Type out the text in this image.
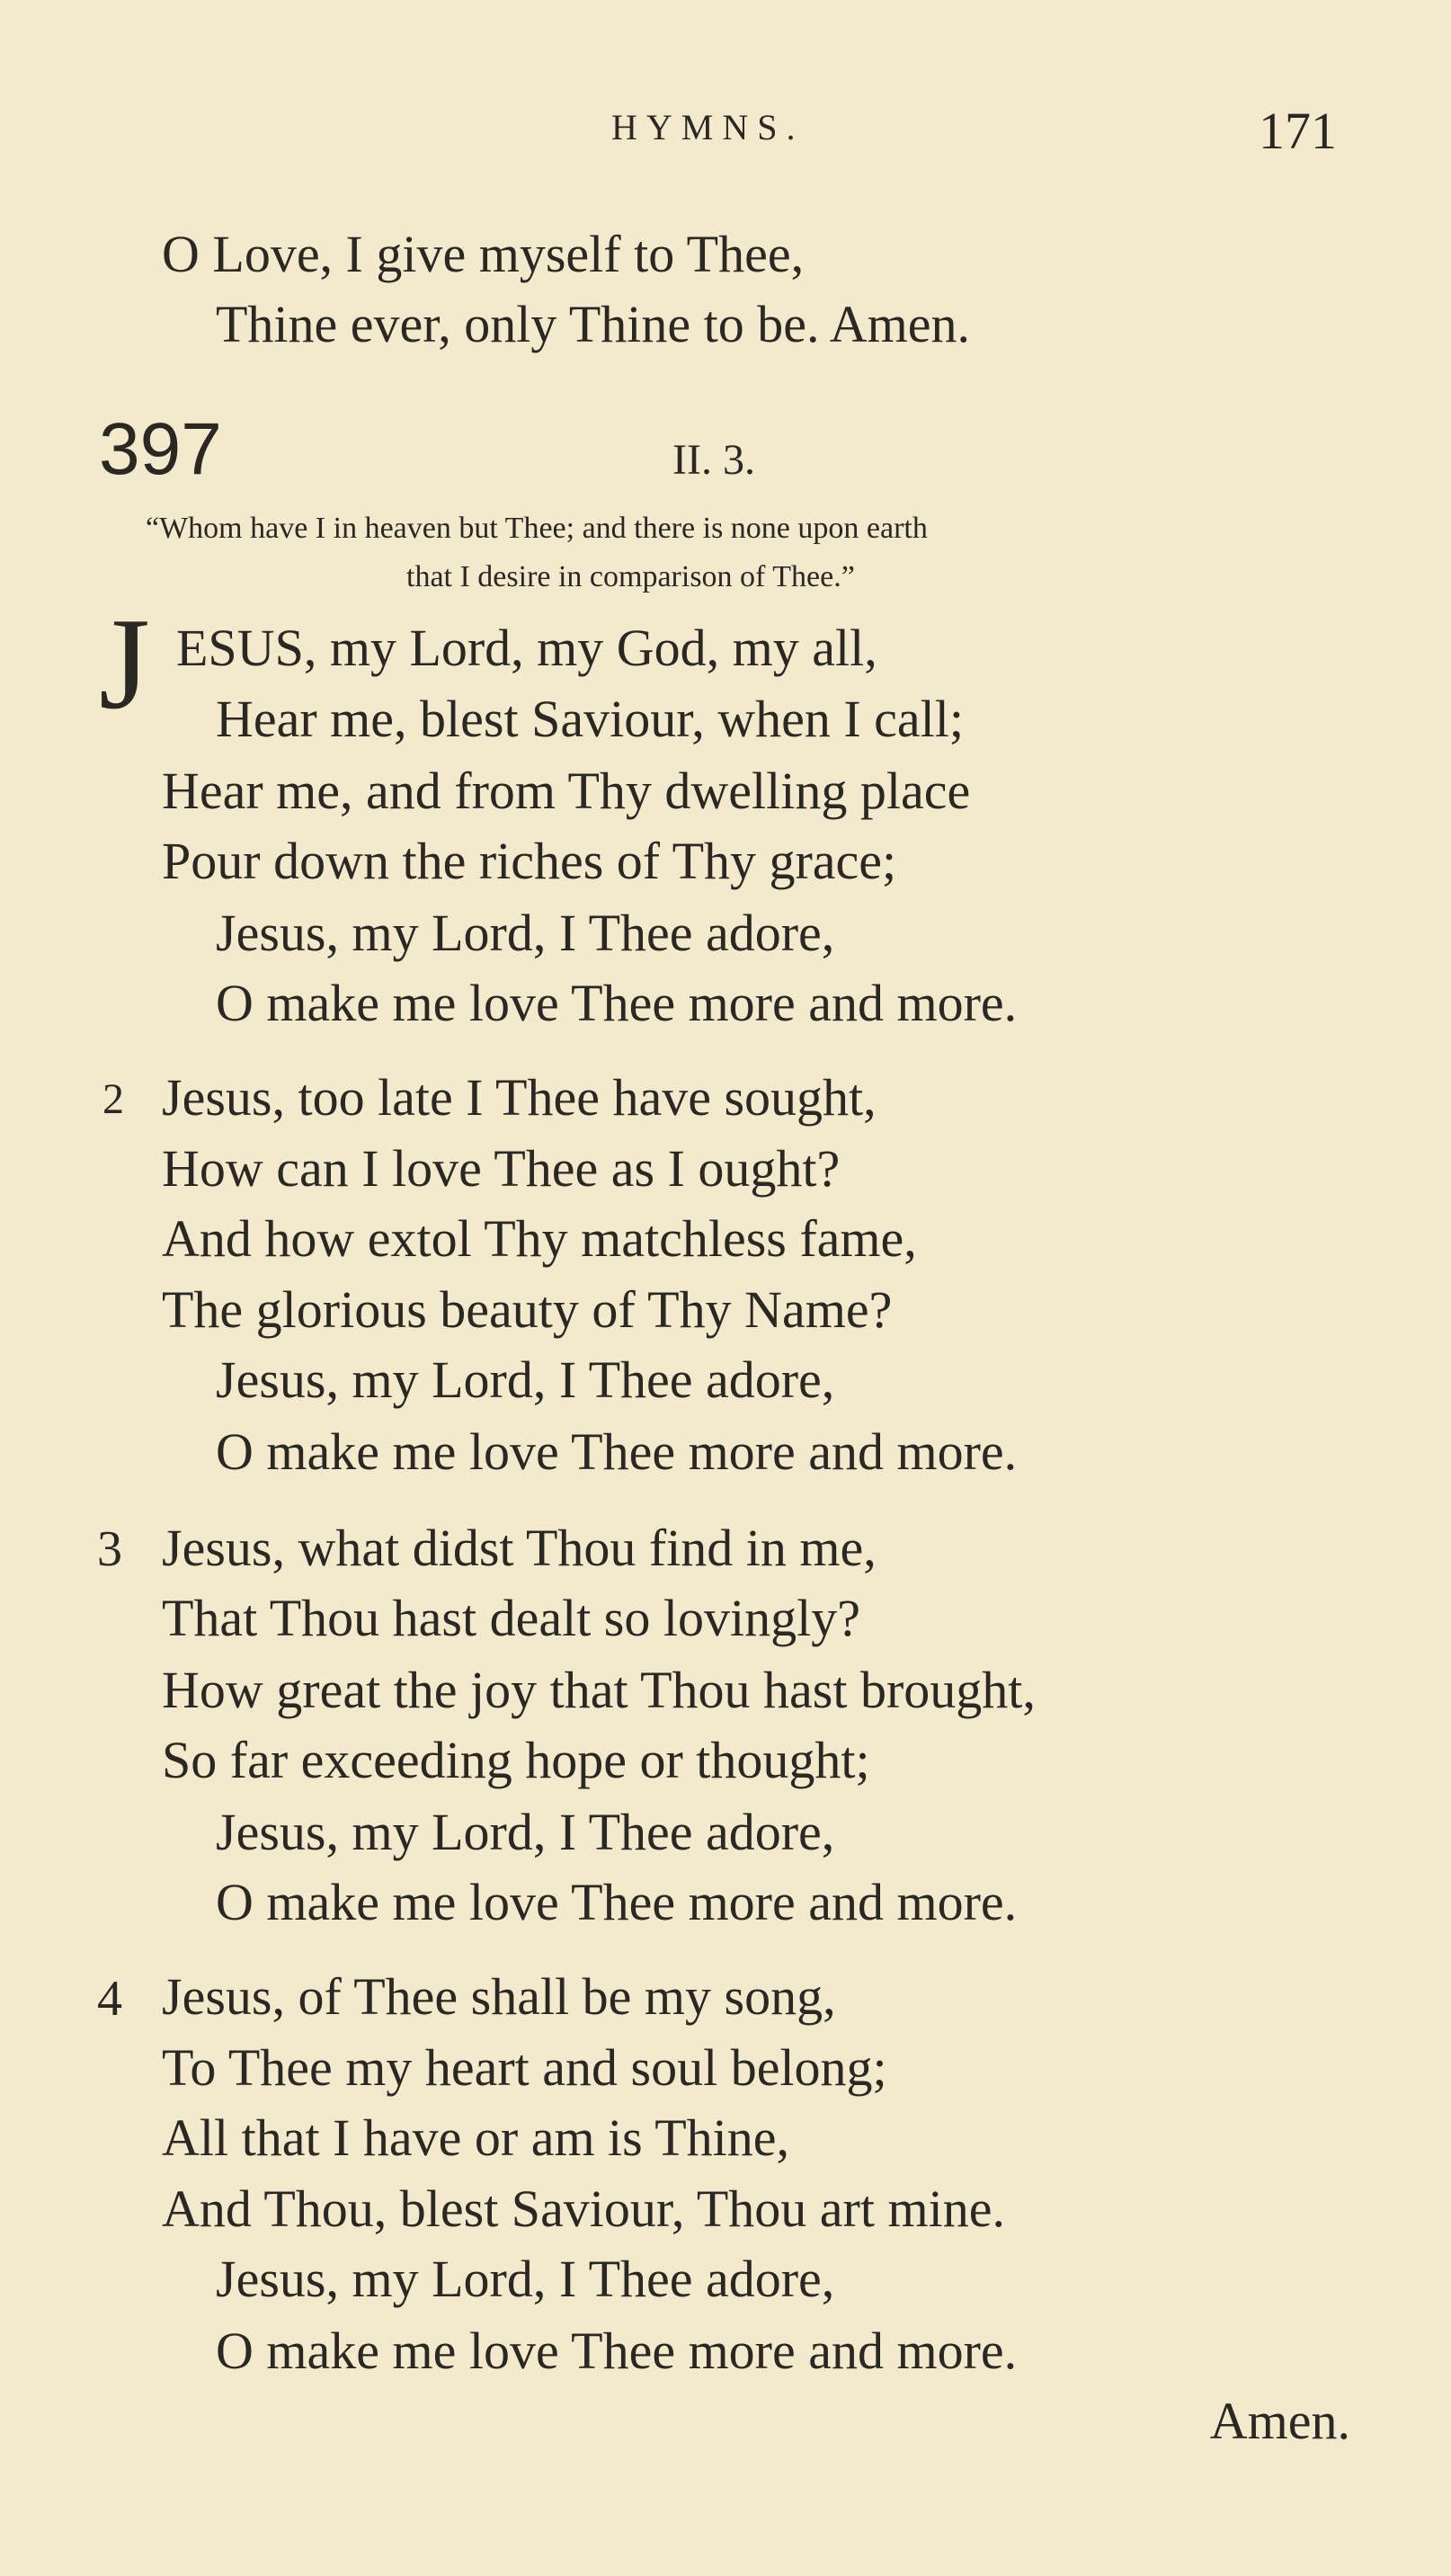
HYMNS.	171
O Love, I give myself to Thee,
Thine ever, only Thine to be. Amen.
397	II. 3.
“Whom have I in heaven but Thee; and there is none upon earth
that I desire in comparison of Thee.”
J ESUS, my Lord, my God, my all,
Hear me, blest Saviour, when I call;
Hear me, and from Thy dwelling place
Pour down the riches of Thy grace;
Jesus, my Lord, I Thee adore,
O make me love Thee more and more.
2 Jesus, too late I Thee have sought,
How can I love Thee as I ought?
And how extol Thy matchless fame,
The glorious beauty of Thy Name?
Jesus, my Lord, I Thee adore,
O make me love Thee more and more.
3 Jesus, what didst Thou find in me,
That Thou hast dealt so lovingly?
How great the joy that Thou hast brought,
So far exceeding hope or thought;
Jesus, my Lord, I Thee adore,
O make me love Thee more and more.
4 Jesus, of Thee shall be my song,
To Thee my heart and soul belong;
All that I have or am is Thine,
And Thou, blest Saviour, Thou art mine.
Jesus, my Lord, I Thee adore,
O make me love Thee more and more.
Amen.
